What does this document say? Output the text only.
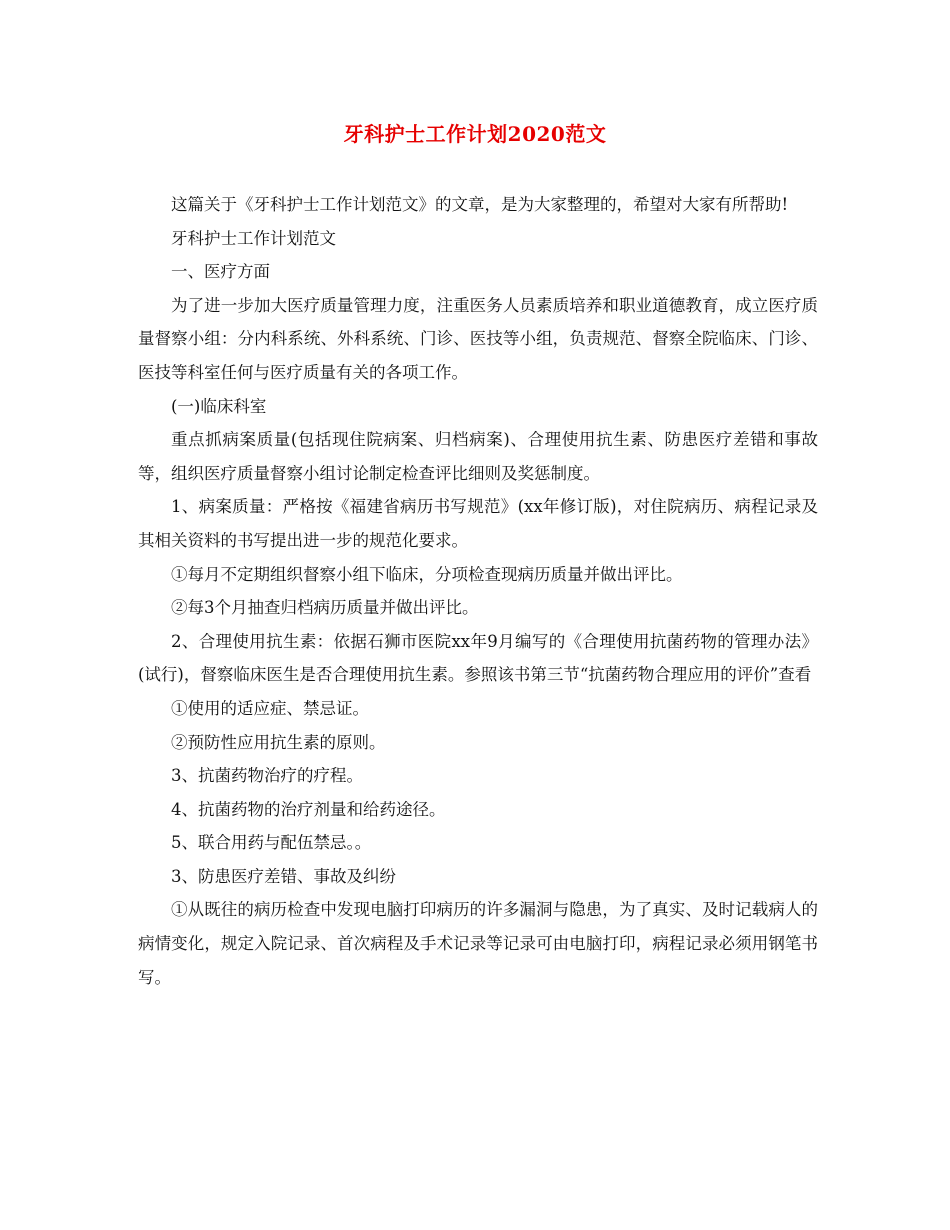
牙科护士工作计划2020范文

这篇关于《牙科护士工作计划范文》的文章，是为大家整理的，希望对大家有所帮助!

牙科护士工作计划范文

一、医疗方面

为了进一步加大医疗质量管理力度，注重医务人员素质培养和职业道德教育，成立医疗质量督察小组：分内科系统、外科系统、门诊、医技等小组，负责规范、督察全院临床、门诊、医技等科室任何与医疗质量有关的各项工作。

(一)临床科室

重点抓病案质量(包括现住院病案、归档病案)、合理使用抗生素、防患医疗差错和事故等，组织医疗质量督察小组讨论制定检查评比细则及奖惩制度。

1、病案质量：严格按《福建省病历书写规范》(xx年修订版)，对住院病历、病程记录及其相关资料的书写提出进一步的规范化要求。

①每月不定期组织督察小组下临床，分项检查现病历质量并做出评比。

②每3个月抽查归档病历质量并做出评比。

2、合理使用抗生素：依据石狮市医院xx年9月编写的《合理使用抗菌药物的管理办法》(试行)，督察临床医生是否合理使用抗生素。参照该书第三节“抗菌药物合理应用的评价”查看

①使用的适应症、禁忌证。

②预防性应用抗生素的原则。

3、抗菌药物治疗的疗程。

4、抗菌药物的治疗剂量和给药途径。

5、联合用药与配伍禁忌。。

3、防患医疗差错、事故及纠纷

①从既往的病历检查中发现电脑打印病历的许多漏洞与隐患，为了真实、及时记载病人的病情变化，规定入院记录、首次病程及手术记录等记录可由电脑打印，病程记录必须用钢笔书写。
